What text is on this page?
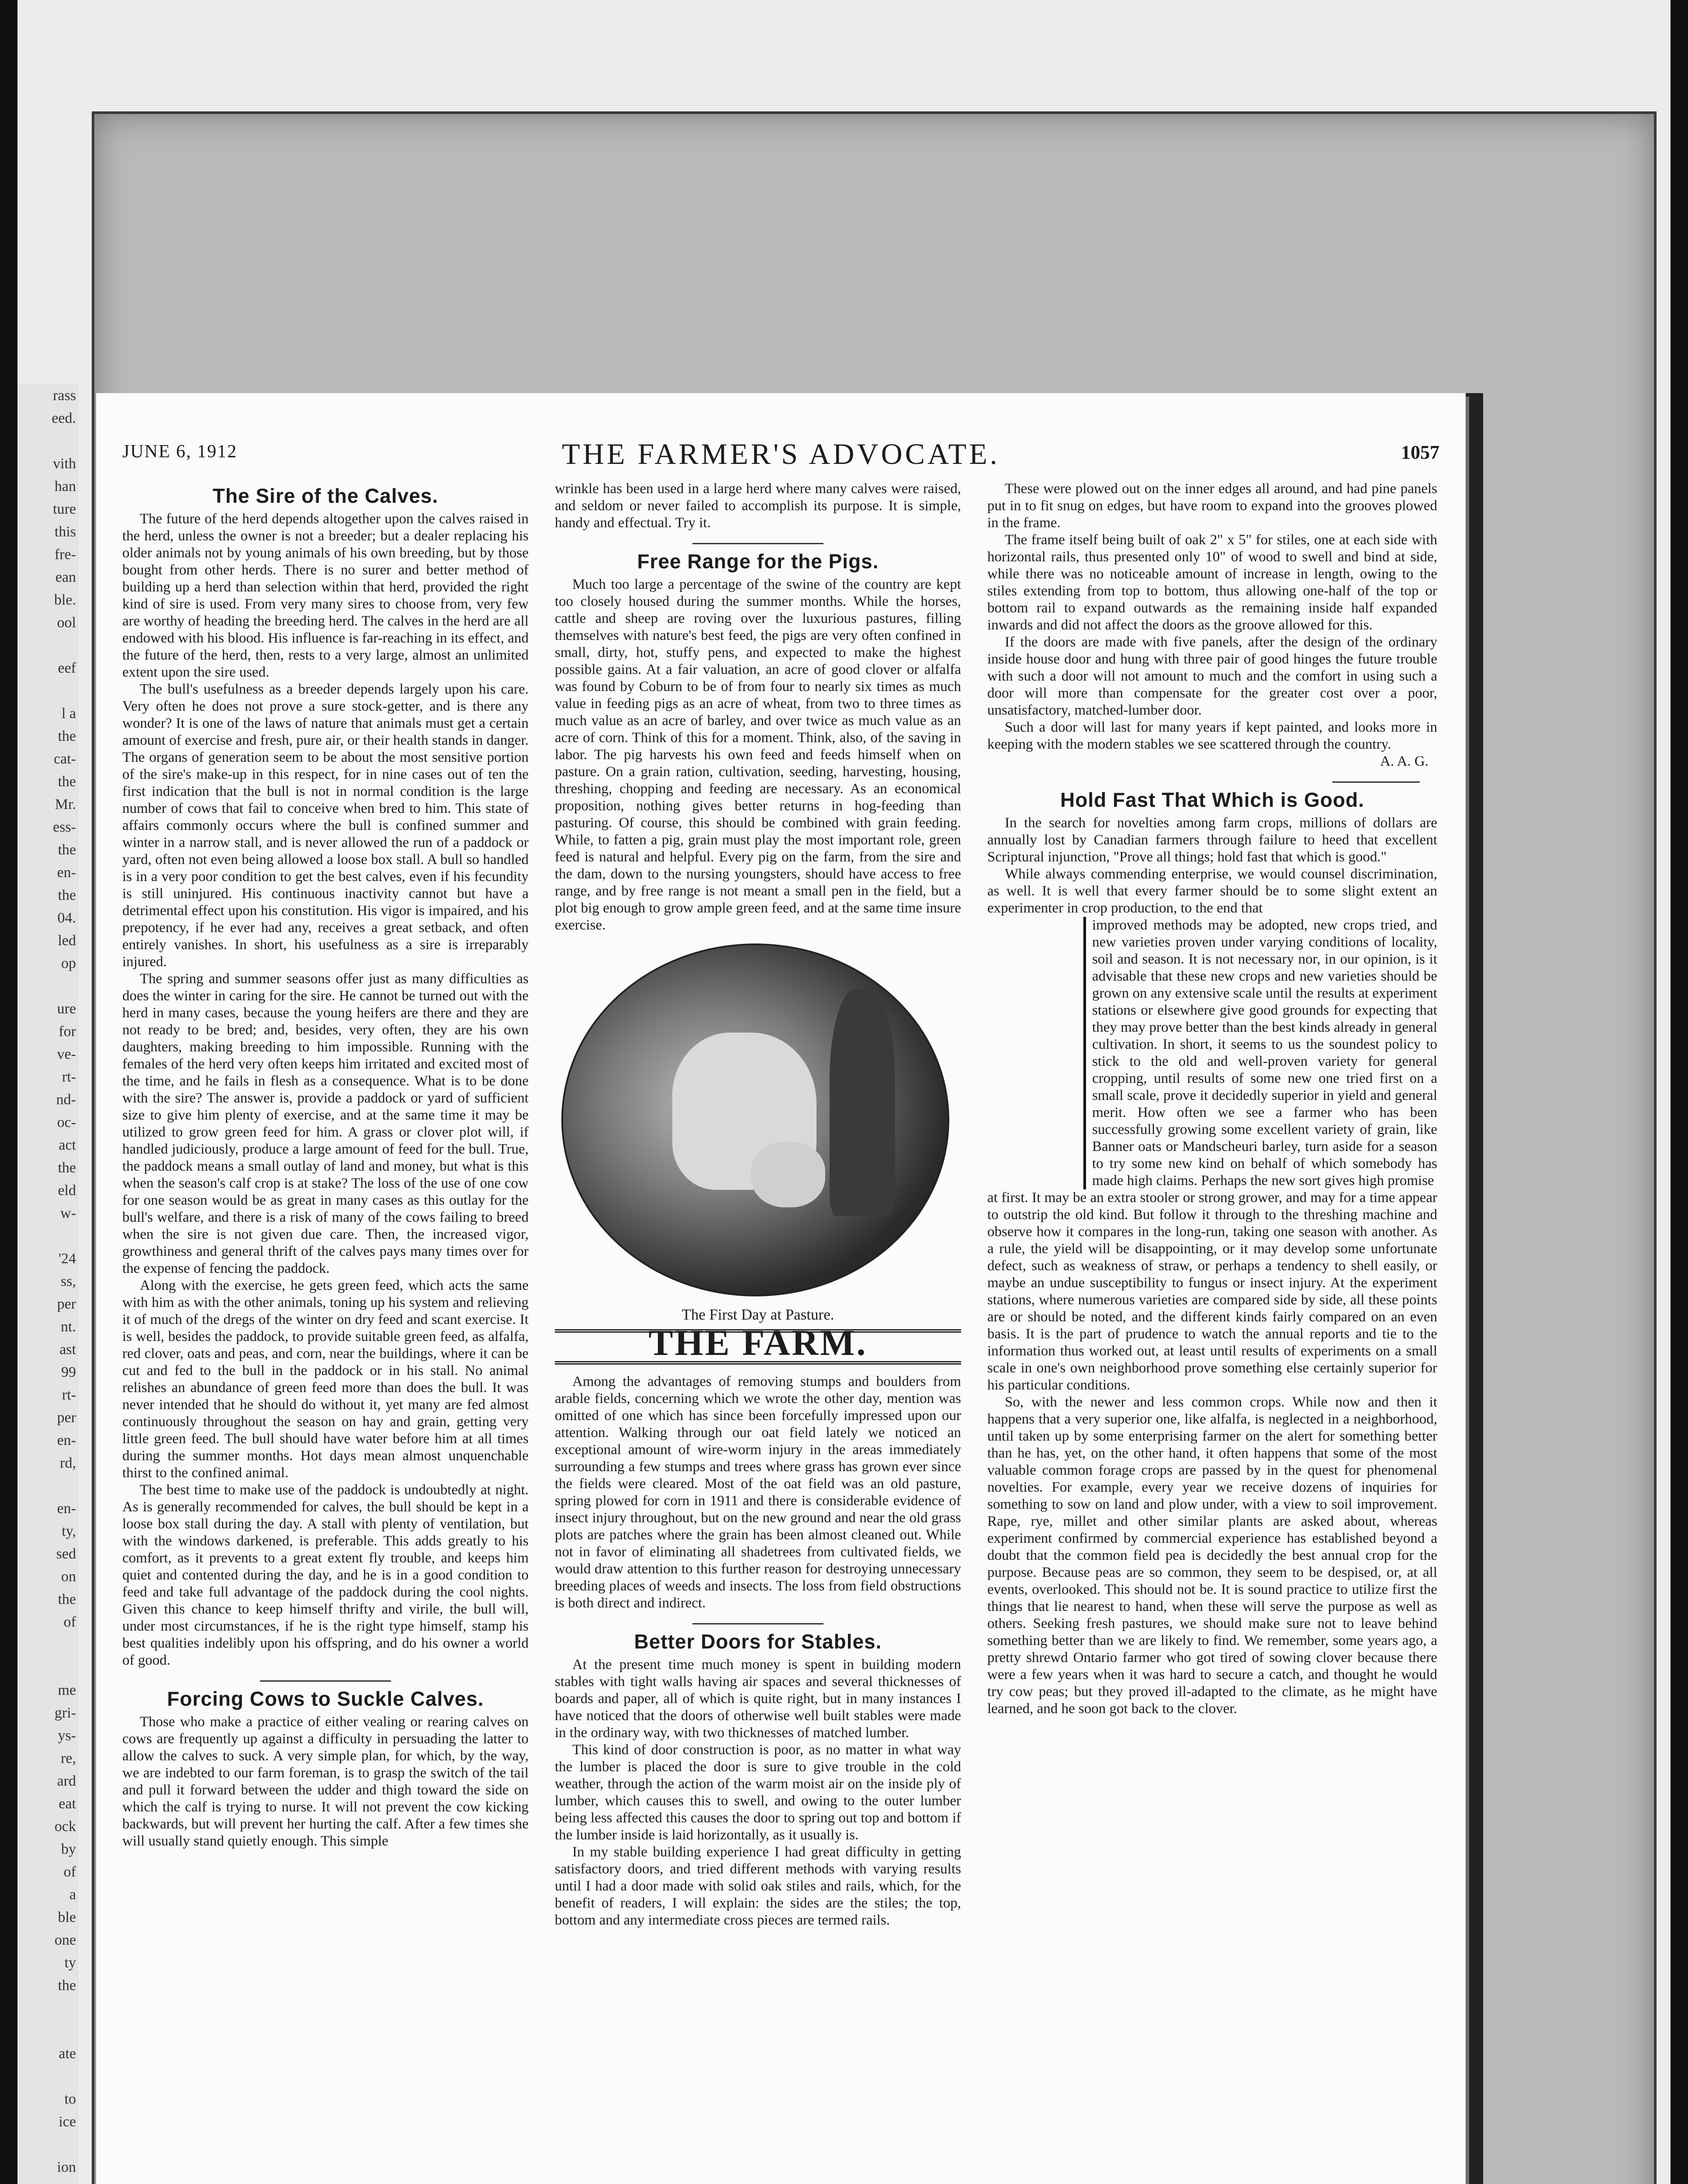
rass
eed.

vith
han
ture
this
fre-
ean
ble.
ool

eef

l a
the
cat-
the
Mr.
ess-
the
en-
the
04.
led
op

ure
for
ve-
rt-
nd-
oc-
act
the
eld
w-

'24
ss,
per
nt.
ast
99
rt-
per
en-
rd,

en-
ty,
sed
on
the
of

me
gri-
ys-
re,
ard
eat
ock
by
of
a
ble
one
ty
the

ate

to
ice

ion

JUNE 6, 1912	THE FARMER'S ADVOCATE.	1057
The Sire of the Calves.

The future of the herd depends altogether upon the calves raised in the herd, unless the owner is not a breeder; but a dealer replacing his older animals not by young animals of his own breeding, but by those bought from other herds. There is no surer and better method of building up a herd than selection within that herd, provided the right kind of sire is used. From very many sires to choose from, very few are worthy of heading the breeding herd. The calves in the herd are all endowed with his blood. His influence is far-reaching in its effect, and the future of the herd, then, rests to a very large, almost an unlimited extent upon the sire used.

The bull's usefulness as a breeder depends largely upon his care. Very often he does not prove a sure stock-getter, and is there any wonder? It is one of the laws of nature that animals must get a certain amount of exercise and fresh, pure air, or their health stands in danger. The organs of generation seem to be about the most sensitive portion of the sire's make-up in this respect, for in nine cases out of ten the first indication that the bull is not in normal condition is the large number of cows that fail to conceive when bred to him. This state of affairs commonly occurs where the bull is confined summer and winter in a narrow stall, and is never allowed the run of a paddock or yard, often not even being allowed a loose box stall. A bull so handled is in a very poor condition to get the best calves, even if his fecundity is still uninjured. His continuous inactivity cannot but have a detrimental effect upon his constitution. His vigor is impaired, and his prepotency, if he ever had any, receives a great setback, and often entirely vanishes. In short, his usefulness as a sire is irreparably injured.

The spring and summer seasons offer just as many difficulties as does the winter in caring for the sire. He cannot be turned out with the herd in many cases, because the young heifers are there and they are not ready to be bred; and, besides, very often, they are his own daughters, making breeding to him impossible. Running with the females of the herd very often keeps him irritated and excited most of the time, and he fails in flesh as a consequence. What is to be done with the sire? The answer is, provide a paddock or yard of sufficient size to give him plenty of exercise, and at the same time it may be utilized to grow green feed for him. A grass or clover plot will, if handled judiciously, produce a large amount of feed for the bull. True, the paddock means a small outlay of land and money, but what is this when the season's calf crop is at stake? The loss of the use of one cow for one season would be as great in many cases as this outlay for the bull's welfare, and there is a risk of many of the cows failing to breed when the sire is not given due care. Then, the increased vigor, growthiness and general thrift of the calves pays many times over for the expense of fencing the paddock.

Along with the exercise, he gets green feed, which acts the same with him as with the other animals, toning up his system and relieving it of much of the dregs of the winter on dry feed and scant exercise. It is well, besides the paddock, to provide suitable green feed, as alfalfa, red clover, oats and peas, and corn, near the buildings, where it can be cut and fed to the bull in the paddock or in his stall. No animal relishes an abundance of green feed more than does the bull. It was never intended that he should do without it, yet many are fed almost continuously throughout the season on hay and grain, getting very little green feed. The bull should have water before him at all times during the summer months. Hot days mean almost unquenchable thirst to the confined animal.

The best time to make use of the paddock is undoubtedly at night. As is generally recommended for calves, the bull should be kept in a loose box stall during the day. A stall with plenty of ventilation, but with the windows darkened, is preferable. This adds greatly to his comfort, as it prevents to a great extent fly trouble, and keeps him quiet and contented during the day, and he is in a good condition to feed and take full advantage of the paddock during the cool nights. Given this chance to keep himself thrifty and virile, the bull will, under most circumstances, if he is the right type himself, stamp his best qualities indelibly upon his offspring, and do his owner a world of good.

Forcing Cows to Suckle Calves.

Those who make a practice of either vealing or rearing calves on cows are frequently up against a difficulty in persuading the latter to allow the calves to suck. A very simple plan, for which, by the way, we are indebted to our farm foreman, is to grasp the switch of the tail and pull it forward between the udder and thigh toward the side on which the calf is trying to nurse. It will not prevent the cow kicking backwards, but will prevent her hurting the calf. After a few times she will usually stand quietly enough. This simple

wrinkle has been used in a large herd where many calves were raised, and seldom or never failed to accomplish its purpose. It is simple, handy and effectual. Try it.

Free Range for the Pigs.

Much too large a percentage of the swine of the country are kept too closely housed during the summer months. While the horses, cattle and sheep are roving over the luxurious pastures, filling themselves with nature's best feed, the pigs are very often confined in small, dirty, hot, stuffy pens, and expected to make the highest possible gains. At a fair valuation, an acre of good clover or alfalfa was found by Coburn to be of from four to nearly six times as much value in feeding pigs as an acre of wheat, from two to three times as much value as an acre of barley, and over twice as much value as an acre of corn. Think of this for a moment. Think, also, of the saving in labor. The pig harvests his own feed and feeds himself when on pasture. On a grain ration, cultivation, seeding, harvesting, housing, threshing, chopping and feeding are necessary. As an economical proposition, nothing gives better returns in hog-feeding than pasturing. Of course, this should be combined with grain feeding. While, to fatten a pig, grain must play the most important role, green feed is natural and helpful. Every pig on the farm, from the sire and the dam, down to the nursing youngsters, should have access to free range, and by free range is not meant a small pen in the field, but a plot big enough to grow ample green feed, and at the same time insure exercise.

The First Day at Pasture.
THE FARM.

Among the advantages of removing stumps and boulders from arable fields, concerning which we wrote the other day, mention was omitted of one which has since been forcefully impressed upon our attention. Walking through our oat field lately we noticed an exceptional amount of wire-worm injury in the areas immediately surrounding a few stumps and trees where grass has grown ever since the fields were cleared. Most of the oat field was an old pasture, spring plowed for corn in 1911 and there is considerable evidence of insect injury throughout, but on the new ground and near the old grass plots are patches where the grain has been almost cleaned out. While not in favor of eliminating all shadetrees from cultivated fields, we would draw attention to this further reason for destroying unnecessary breeding places of weeds and insects. The loss from field obstructions is both direct and indirect.

Better Doors for Stables.

At the present time much money is spent in building modern stables with tight walls having air spaces and several thicknesses of boards and paper, all of which is quite right, but in many instances I have noticed that the doors of otherwise well built stables were made in the ordinary way, with two thicknesses of matched lumber.

This kind of door construction is poor, as no matter in what way the lumber is placed the door is sure to give trouble in the cold weather, through the action of the warm moist air on the inside ply of lumber, which causes this to swell, and owing to the outer lumber being less affected this causes the door to spring out top and bottom if the lumber inside is laid horizontally, as it usually is.

In my stable building experience I had great difficulty in getting satisfactory doors, and tried different methods with varying results until I had a door made with solid oak stiles and rails, which, for the benefit of readers, I will explain: the sides are the stiles; the top, bottom and any intermediate cross pieces are termed rails.

These were plowed out on the inner edges all around, and had pine panels put in to fit snug on edges, but have room to expand into the grooves plowed in the frame.

The frame itself being built of oak 2" x 5" for stiles, one at each side with horizontal rails, thus presented only 10" of wood to swell and bind at side, while there was no noticeable amount of increase in length, owing to the stiles extending from top to bottom, thus allowing one-half of the top or bottom rail to expand outwards as the remaining inside half expanded inwards and did not affect the doors as the groove allowed for this.

If the doors are made with five panels, after the design of the ordinary inside house door and hung with three pair of good hinges the future trouble with such a door will not amount to much and the comfort in using such a door will more than compensate for the greater cost over a poor, unsatisfactory, matched-lumber door.

Such a door will last for many years if kept painted, and looks more in keeping with the modern stables we see scattered through the country.

A. A. G.
Hold Fast That Which is Good.

In the search for novelties among farm crops, millions of dollars are annually lost by Canadian farmers through failure to heed that excellent Scriptural injunction, "Prove all things; hold fast that which is good."

While always commending enterprise, we would counsel discrimination, as well. It is well that every farmer should be to some slight extent an experimenter in crop production, to the end that

improved methods may be adopted, new crops tried, and new varieties proven under varying conditions of locality, soil and season. It is not necessary nor, in our opinion, is it advisable that these new crops and new varieties should be grown on any extensive scale until the results at experiment stations or elsewhere give good grounds for expecting that they may prove better than the best kinds already in general cultivation. In short, it seems to us the soundest policy to stick to the old and well-proven variety for general cropping, until results of some new one tried first on a small scale, prove it decidedly superior in yield and general merit. How often we see a farmer who has been successfully growing some excellent variety of grain, like Banner oats or Mandscheuri barley, turn aside for a season to try some new kind on behalf of which somebody has made high claims. Perhaps the new sort gives high promise

at first. It may be an extra stooler or strong grower, and may for a time appear to outstrip the old kind. But follow it through to the threshing machine and observe how it compares in the long-run, taking one season with another. As a rule, the yield will be disappointing, or it may develop some unfortunate defect, such as weakness of straw, or perhaps a tendency to shell easily, or maybe an undue susceptibility to fungus or insect injury. At the experiment stations, where numerous varieties are compared side by side, all these points are or should be noted, and the different kinds fairly compared on an even basis. It is the part of prudence to watch the annual reports and tie to the information thus worked out, at least until results of experiments on a small scale in one's own neighborhood prove something else certainly superior for his particular conditions.

So, with the newer and less common crops. While now and then it happens that a very superior one, like alfalfa, is neglected in a neighborhood, until taken up by some enterprising farmer on the alert for something better than he has, yet, on the other hand, it often happens that some of the most valuable common forage crops are passed by in the quest for phenomenal novelties. For example, every year we receive dozens of inquiries for something to sow on land and plow under, with a view to soil improvement. Rape, rye, millet and other similar plants are asked about, whereas experiment confirmed by commercial experience has established beyond a doubt that the common field pea is decidedly the best annual crop for the purpose. Because peas are so common, they seem to be despised, or, at all events, overlooked. This should not be. It is sound practice to utilize first the things that lie nearest to hand, when these will serve the purpose as well as others. Seeking fresh pastures, we should make sure not to leave behind something better than we are likely to find. We remember, some years ago, a pretty shrewd Ontario farmer who got tired of sowing clover because there were a few years when it was hard to secure a catch, and thought he would try cow peas; but they proved ill-adapted to the climate, as he might have learned, and he soon got back to the clover.
